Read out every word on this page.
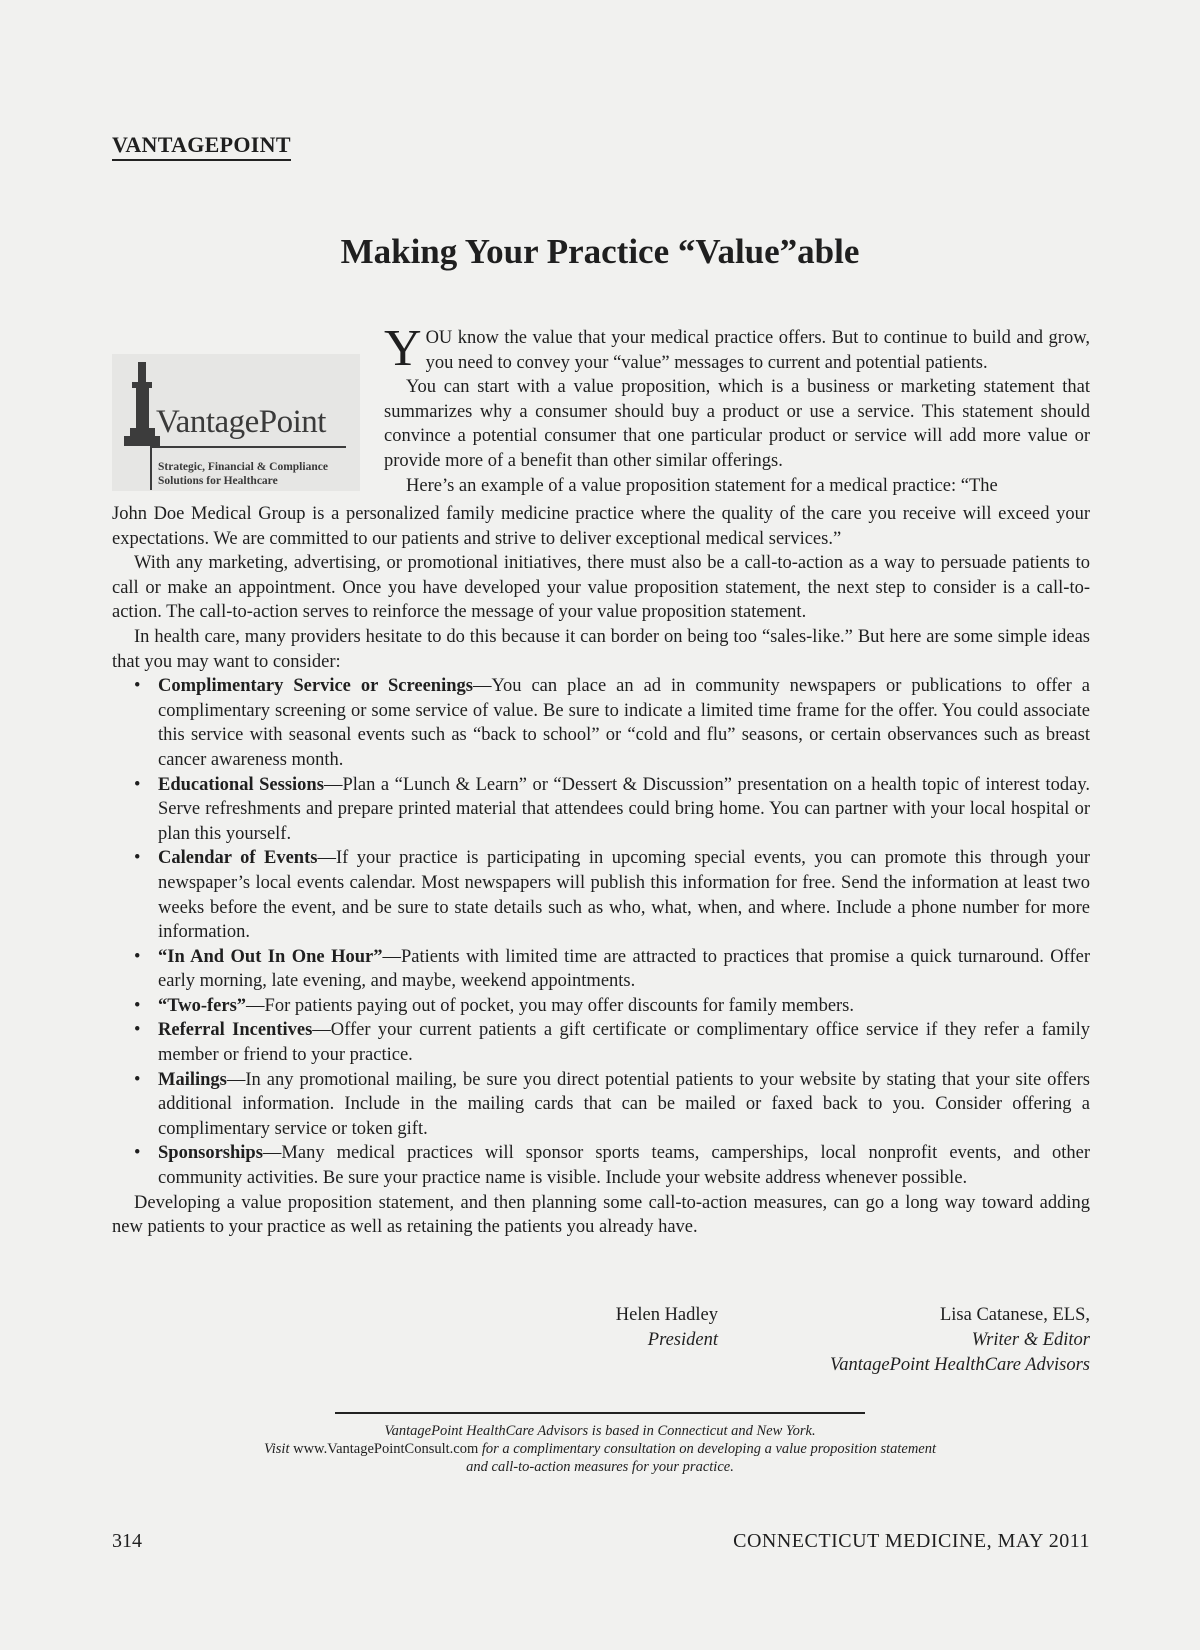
VANTAGEPOINT
Making Your Practice “Value”able
VantagePoint
Strategic, Financial & Compliance
Solutions for Healthcare

YOU know the value that your medical practice offers. But to continue to build and grow, you need to convey your “value” messages to current and potential patients.

You can start with a value proposition, which is a business or marketing statement that summarizes why a consumer should buy a product or use a service. This statement should convince a potential consumer that one particular product or service will add more value or provide more of a benefit than other similar offerings.

Here’s an example of a value proposition statement for a medical practice: “The

John Doe Medical Group is a personalized family medicine practice where the quality of the care you receive will exceed your expectations. We are committed to our patients and strive to deliver exceptional medical services.”

With any marketing, advertising, or promotional initiatives, there must also be a call-to-action as a way to persuade patients to call or make an appointment. Once you have developed your value proposition statement, the next step to consider is a call-to-action. The call-to-action serves to reinforce the message of your value proposition statement.

In health care, many providers hesitate to do this because it can border on being too “sales-like.” But here are some simple ideas that you may want to consider:

• Complimentary Service or Screenings—You can place an ad in community newspapers or publications to offer a complimentary screening or some service of value. Be sure to indicate a limited time frame for the offer. You could associate this service with seasonal events such as “back to school” or “cold and flu” seasons, or certain observances such as breast cancer awareness month.
• Educational Sessions—Plan a “Lunch & Learn” or “Dessert & Discussion” presentation on a health topic of interest today. Serve refreshments and prepare printed material that attendees could bring home. You can partner with your local hospital or plan this yourself.
• Calendar of Events—If your practice is participating in upcoming special events, you can promote this through your newspaper’s local events calendar. Most newspapers will publish this information for free. Send the information at least two weeks before the event, and be sure to state details such as who, what, when, and where. Include a phone number for more information.
• “In And Out In One Hour”—Patients with limited time are attracted to practices that promise a quick turnaround. Offer early morning, late evening, and maybe, weekend appointments.
• “Two-fers”—For patients paying out of pocket, you may offer discounts for family members.
• Referral Incentives—Offer your current patients a gift certificate or complimentary office service if they refer a family member or friend to your practice.
• Mailings—In any promotional mailing, be sure you direct potential patients to your website by stating that your site offers additional information. Include in the mailing cards that can be mailed or faxed back to you. Consider offering a complimentary service or token gift.
• Sponsorships—Many medical practices will sponsor sports teams, camperships, local nonprofit events, and other community activities. Be sure your practice name is visible. Include your website address whenever possible.

Developing a value proposition statement, and then planning some call-to-action measures, can go a long way toward adding new patients to your practice as well as retaining the patients you already have.

Helen Hadley
President
Lisa Catanese, ELS,
Writer & Editor
VantagePoint HealthCare Advisors
VantagePoint HealthCare Advisors is based in Connecticut and New York.
Visit www.VantagePointConsult.com for a complimentary consultation on developing a value proposition statement
and call-to-action measures for your practice.
314	CONNECTICUT MEDICINE, MAY 2011
